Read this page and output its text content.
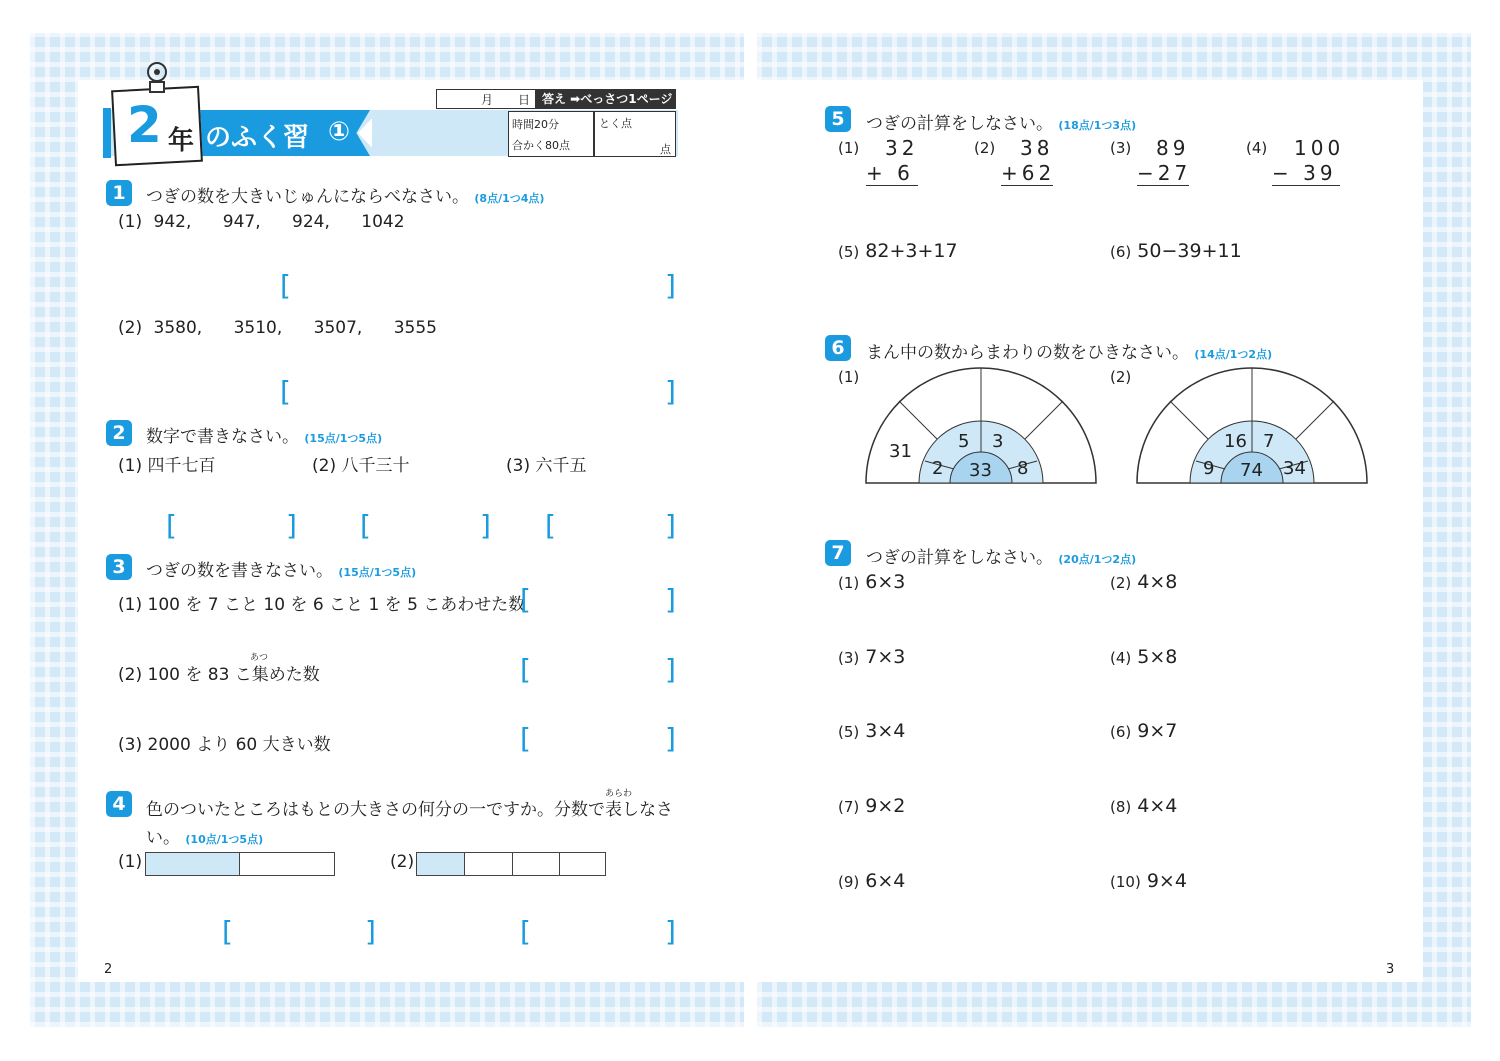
2 年 のふく習 ①
月 日 答え ➡べっさつ1ページ
時間20分
合かく80点
とく点
点
1	つぎの数を大きいじゅんにならべなさい。 (8点/1つ4点)
(1) 942, 947, 924, 1042
[	]
(2) 3580, 3510, 3507, 3555
[	]
2	数字で書きなさい。 (15点/1つ5点)
(1) 四千七百	(2) 八千三十	(3) 六千五
[	] [	] [	]
3	つぎの数を書きなさい。 (15点/1つ5点)
(1) 100 を 7 こと 10 を 6 こと 1 を 5 こあわせた数
[	]
あつ
(2) 100 を 83 こ集めた数	[	]
(3) 2000 より 60 大きい数	[	]
4	あらわ
色のついたところはもとの大きさの何分の一ですか。分数で表しなさ
い。 (10点/1つ5点)
(1)	(2)
[	]	[	]
2
5	つぎの計算をしなさい。 (18点/1つ3点)
(1) 32
+ 6
(2) 38
+62
(3) 89
−27
(4) 100
− 39
(5) 82+3+17	(6) 50−39+11
6	まん中の数からまわりの数をひきなさい。 (14点/1つ2点)
(1)	(2)
31
33
2
5 3
8	74
9
16 7
34
7	つぎの計算をしなさい。 (20点/1つ2点)
(1) 6×3	(2) 4×8
(3) 7×3	(4) 5×8
(5) 3×4	(6) 9×7
(7) 9×2	(8) 4×4
(9) 6×4	(10) 9×4
3
